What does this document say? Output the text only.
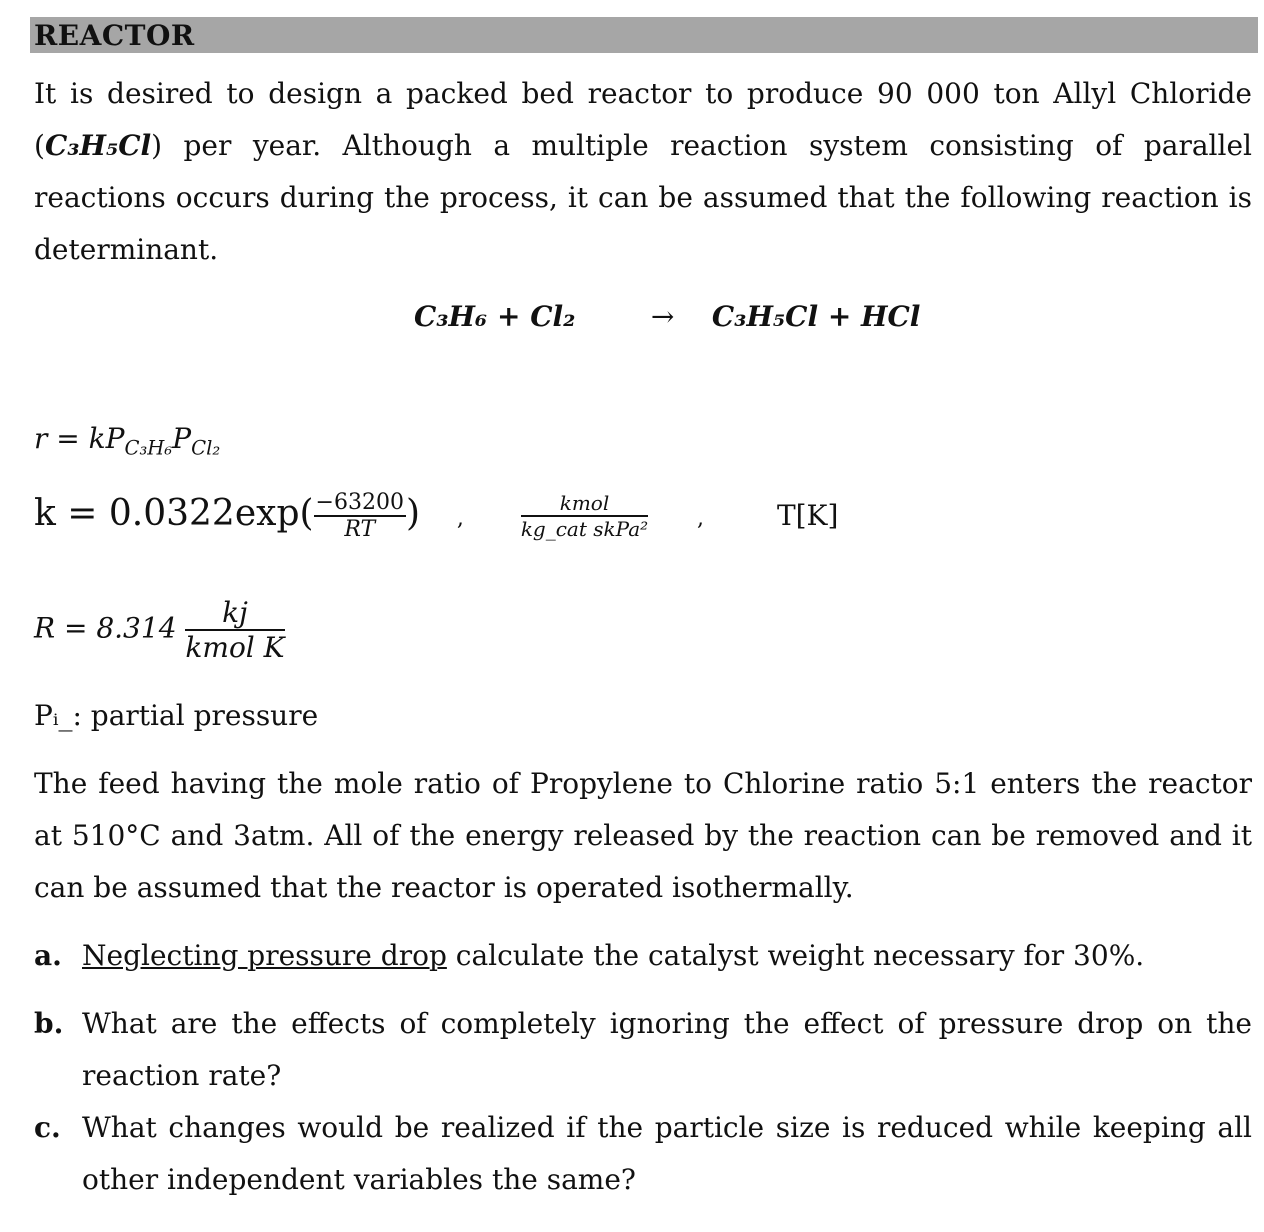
REACTOR
It is desired to design a packed bed reactor to produce 90 000 ton Allyl Chloride (C₃H₅Cl) per year. Although a multiple reaction system consisting of parallel reactions occurs during the process, it can be assumed that the following reaction is determinant.
C₃H₆ + Cl₂	→ C₃H₅Cl + HCl
$r = kP_{C_3H_6}P_{Cl_2}$
$k = 0.0322\exp( \frac{-63200}{RT}$ ) ,	$\frac{\text{kmol}}{\text{kg\_cat skPa²}}$ ,	T[K]
$R = 8.314 \frac{kj}{\text{kmol K}}$
Pᵢ_: partial pressure
The feed having the mole ratio of Propylene to Chlorine ratio 5:1 enters the reactor at 510°C and 3atm. All of the energy released by the reaction can be removed and it can be assumed that the reactor is operated isothermally.
a. Neglecting pressure drop calculate the catalyst weight necessary for 30%.
b. What are the effects of completely ignoring the effect of pressure drop on the reaction rate?
c. What changes would be realized if the particle size is reduced while keeping all other independent variables the same?
